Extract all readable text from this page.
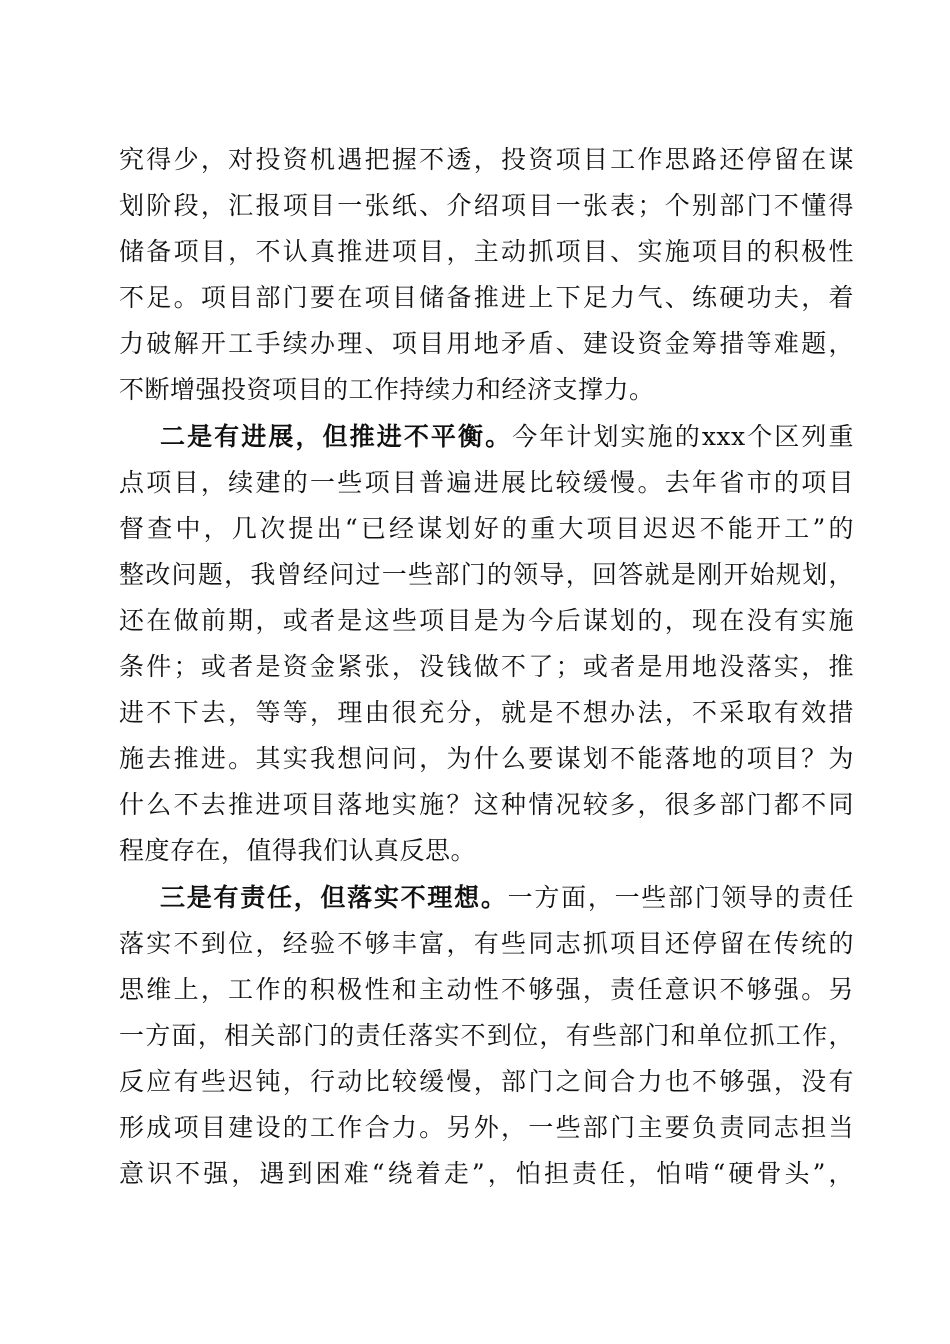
究得少，对投资机遇把握不透，投资项目工作思路还停留在谋
划阶段，汇报项目一张纸、介绍项目一张表；个别部门不懂得
储备项目，不认真推进项目，主动抓项目、实施项目的积极性
不足。项目部门要在项目储备推进上下足力气、练硬功夫，着
力破解开工手续办理、项目用地矛盾、建设资金筹措等难题，
不断增强投资项目的工作持续力和经济支撑力。
二是有进展，但推进不平衡。今年计划实施的xxx个区列重
点项目，续建的一些项目普遍进展比较缓慢。去年省市的项目
督查中，几次提出“已经谋划好的重大项目迟迟不能开工”的
整改问题，我曾经问过一些部门的领导，回答就是刚开始规划，
还在做前期，或者是这些项目是为今后谋划的，现在没有实施
条件；或者是资金紧张，没钱做不了；或者是用地没落实，推
进不下去，等等，理由很充分，就是不想办法，不采取有效措
施去推进。其实我想问问，为什么要谋划不能落地的项目？为
什么不去推进项目落地实施？这种情况较多，很多部门都不同
程度存在，值得我们认真反思。
三是有责任，但落实不理想。一方面，一些部门领导的责任
落实不到位，经验不够丰富，有些同志抓项目还停留在传统的
思维上，工作的积极性和主动性不够强，责任意识不够强。另
一方面，相关部门的责任落实不到位，有些部门和单位抓工作，
反应有些迟钝，行动比较缓慢，部门之间合力也不够强，没有
形成项目建设的工作合力。另外，一些部门主要负责同志担当
意识不强，遇到困难“绕着走”，怕担责任，怕啃“硬骨头”，
